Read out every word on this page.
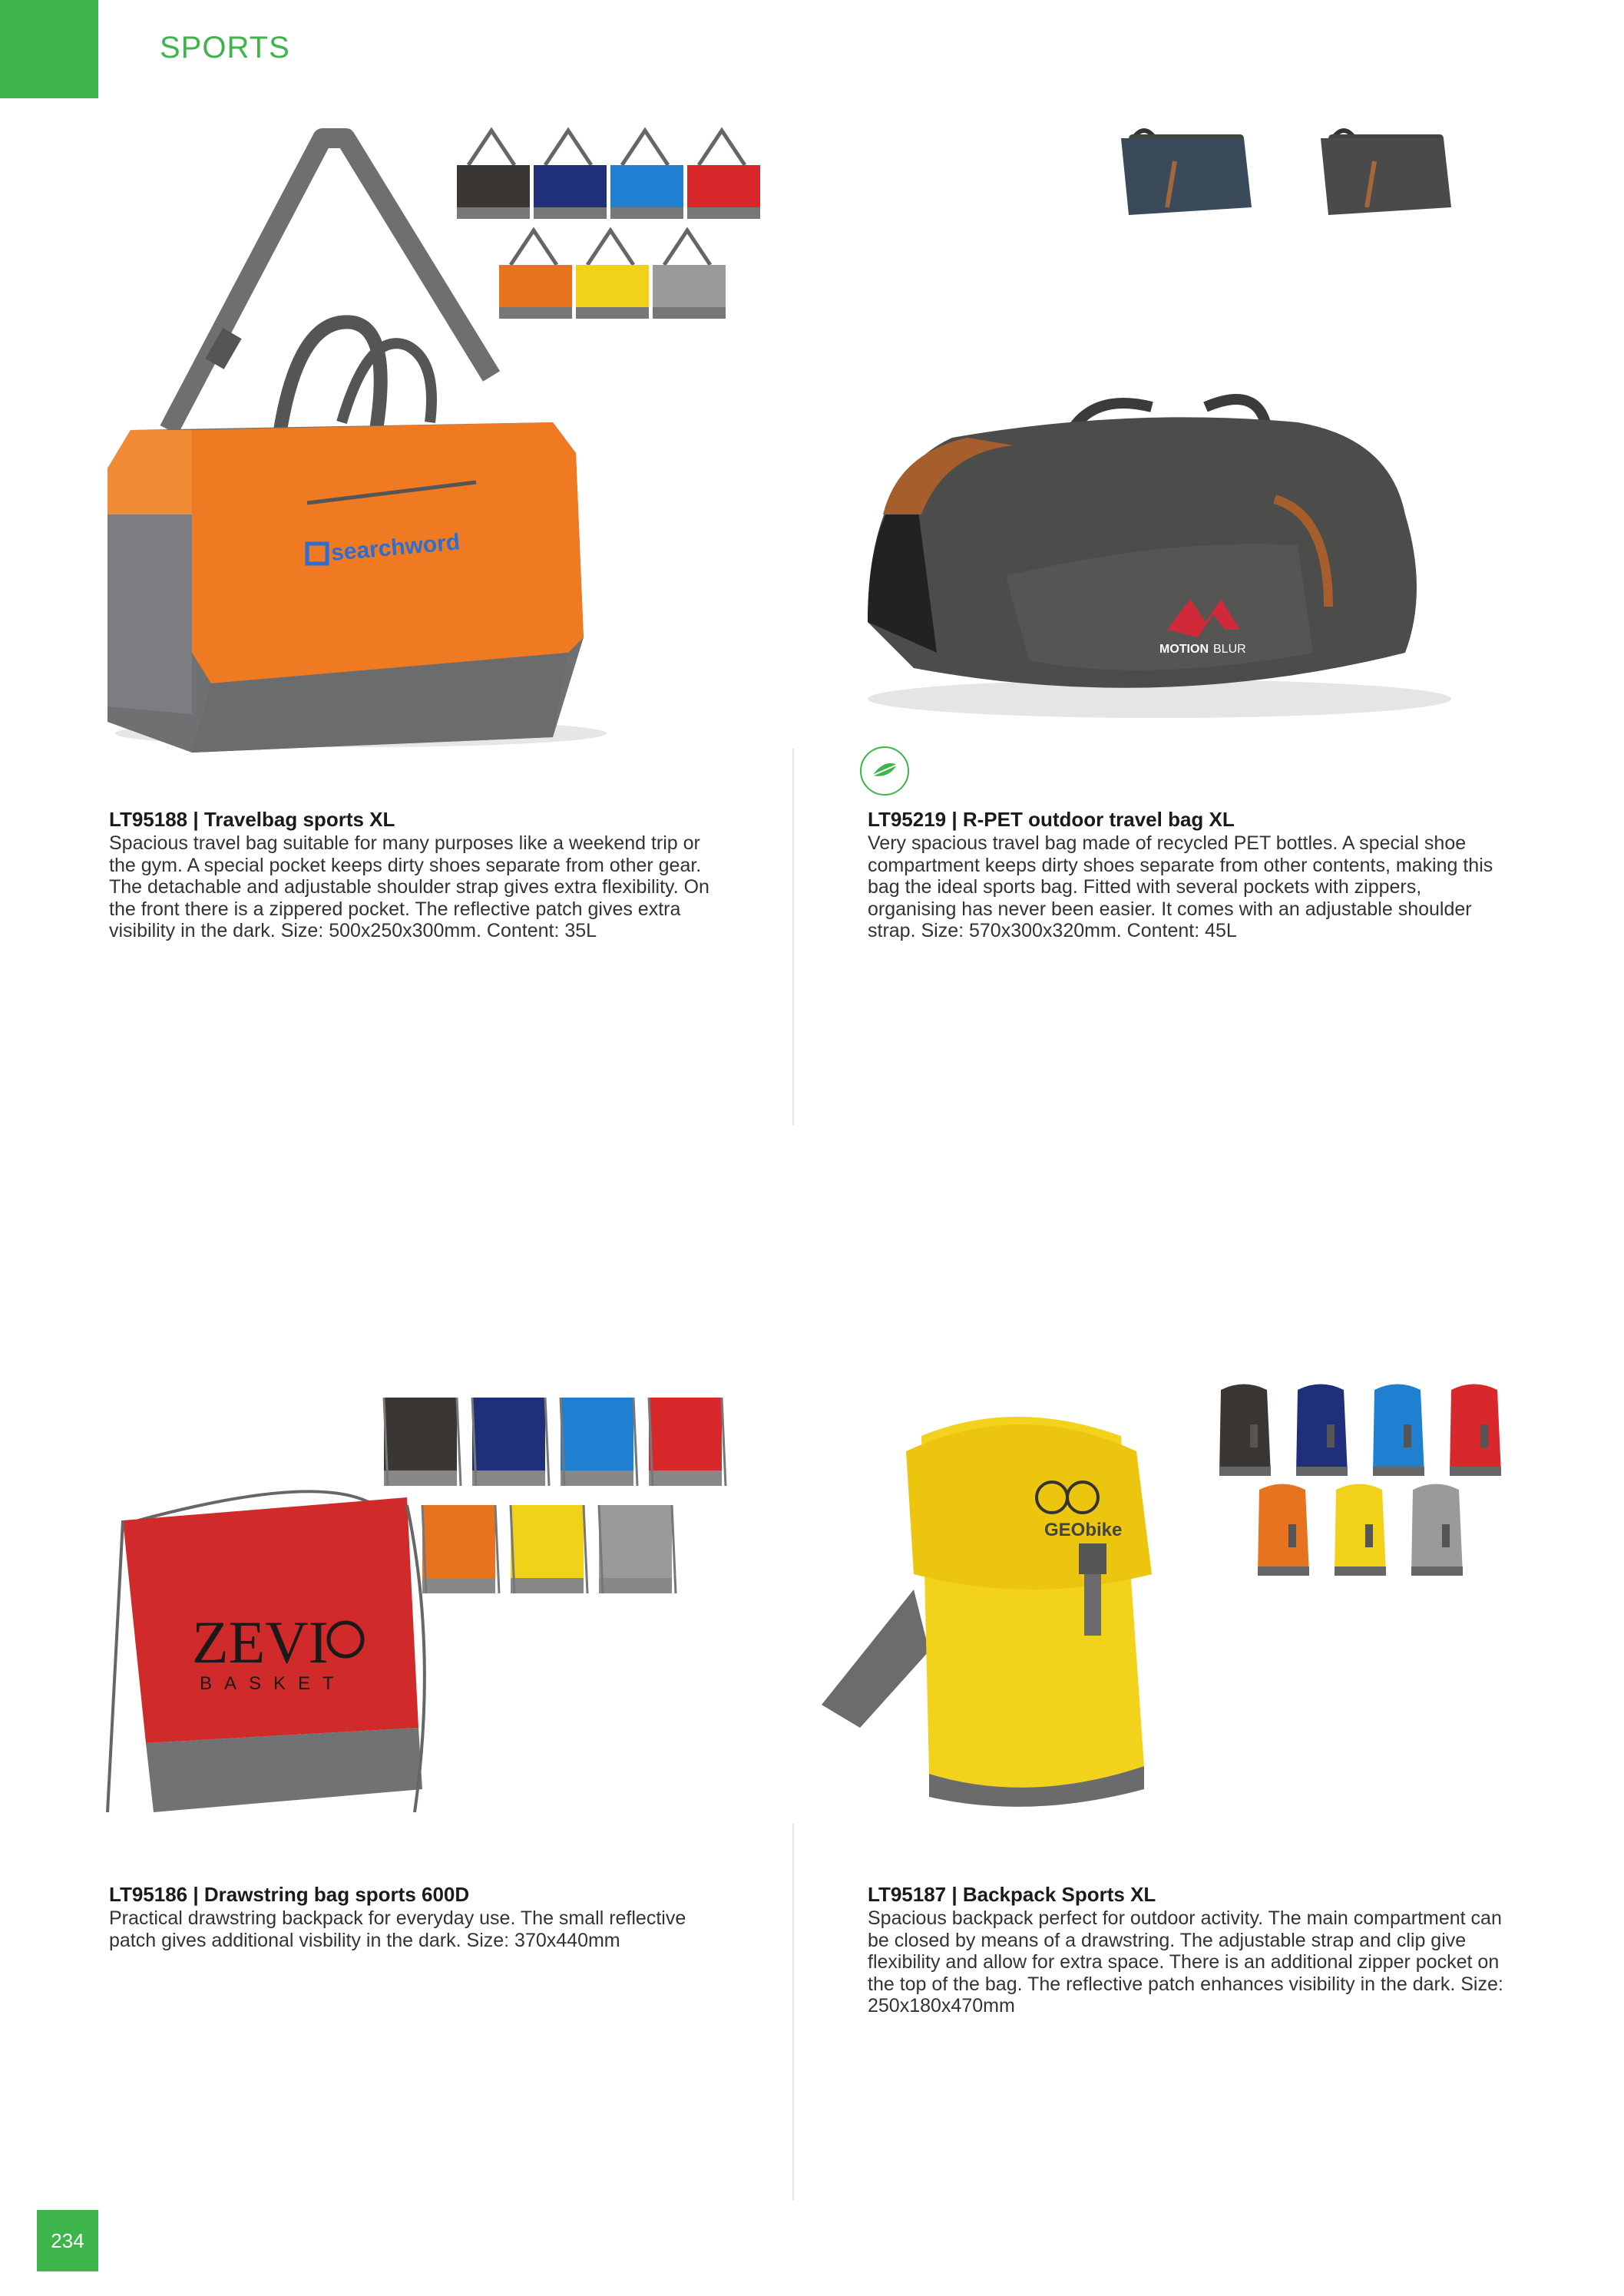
SPORTS
searchword
LT95188 | Travelbag sports XL

Spacious travel bag suitable for many purposes like a weekend trip or the gym. A special pocket keeps dirty shoes separate from other gear. The detachable and adjustable shoulder strap gives extra flexibility. On the front there is a zippered pocket. The reflective patch gives extra visibility in the dark. Size: 500x250x300mm. Content: 35L

MOTION BLUR
LT95219 | R-PET outdoor travel bag XL

Very spacious travel bag made of recycled PET bottles. A special shoe compartment keeps dirty shoes separate from other contents, making this bag the ideal sports bag. Fitted with several pockets with zippers, organising has never been easier. It comes with an adjustable shoulder strap. Size: 570x300x320mm. Content: 45L

ZEVI
BASKET
LT95186 | Drawstring bag sports 600D

Practical drawstring backpack for everyday use. The small reflective patch gives additional visbility in the dark. Size: 370x440mm

GEObike
LT95187 | Backpack Sports XL

Spacious backpack perfect for outdoor activity. The main compartment can be closed by means of a drawstring. The adjustable strap and clip give flexibility and allow for extra space. There is an additional zipper pocket on the top of the bag. The reflective patch enhances visibility in the dark. Size: 250x180x470mm

234
